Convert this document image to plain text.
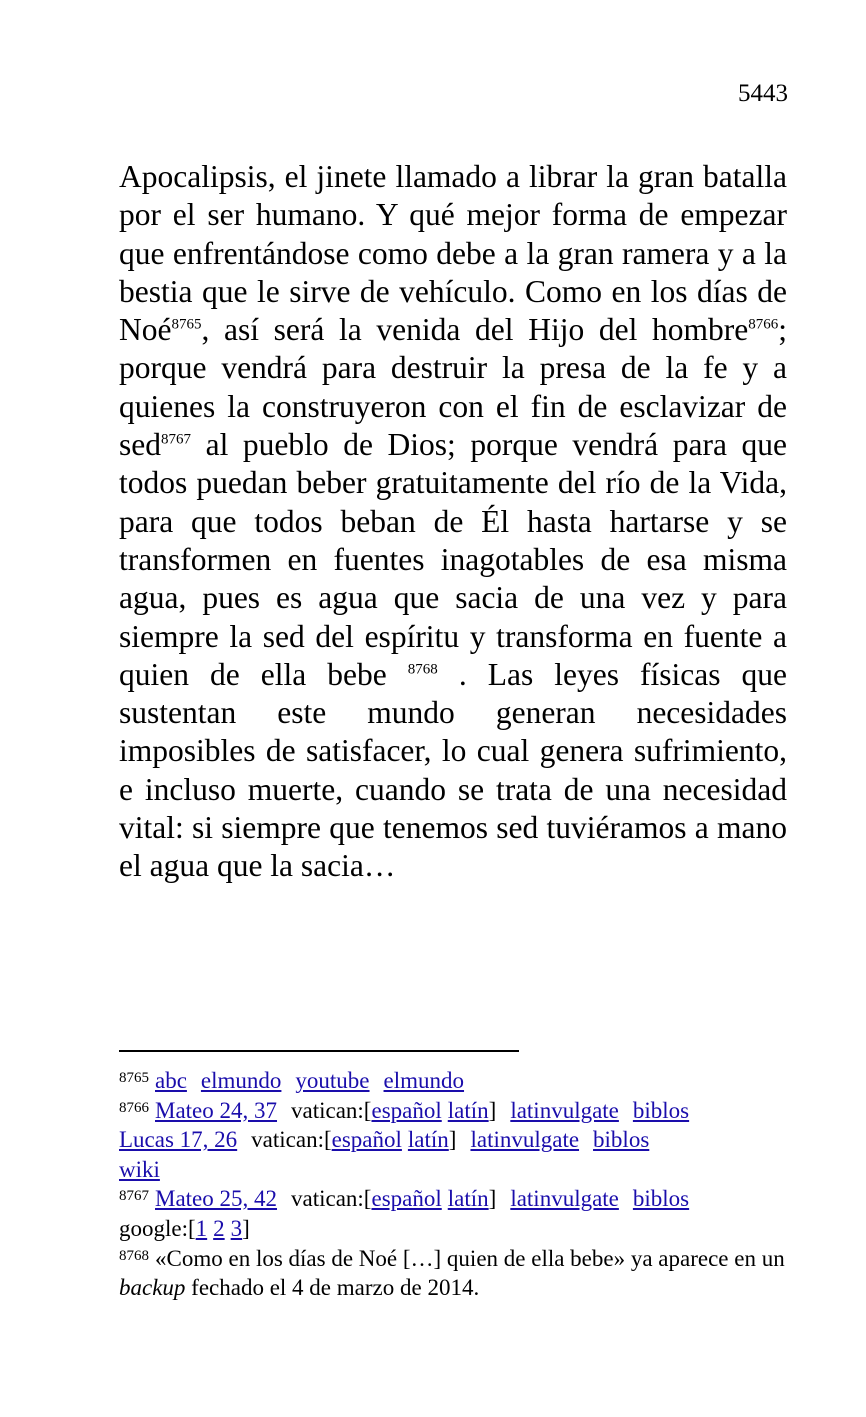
5443

Apocalipsis, el jinete llamado a librar la gran batalla por el ser humano. Y qué mejor forma de empezar que enfrentándose como debe a la gran ramera y a la bestia que le sirve de vehículo. Como en los días de Noé$^{8765}$, así será la venida del Hijo del hombre$^{8766}$; porque vendrá para destruir la presa de la fe y a quienes la construyeron con el fin de esclavizar de sed$^{8767}$ al pueblo de Dios; porque vendrá para que todos puedan beber gratuitamente del río de la Vida, para que todos beban de Él hasta hartarse y se transformen en fuentes inagotables de esa misma agua, pues es agua que sacia de una vez y para siempre la sed del espíritu y transforma en fuente a quien de ella bebe $^{8768}$ . Las leyes físicas que sustentan este mundo generan necesidades imposibles de satisfacer, lo cual genera sufrimiento, e incluso muerte, cuando se trata de una necesidad vital: si siempre que tenemos sed tuviéramos a mano el agua que la sacia…

$^{8765}$ abc elmundo youtube elmundo

$^{8766}$ Mateo 24, 37 vatican:[español latín] latinvulgate biblos
Lucas 17, 26 vatican:[español latín] latinvulgate biblos
wiki

$^{8767}$ Mateo 25, 42 vatican:[español latín] latinvulgate biblos
google:[1 2 3]

$^{8768}$ «Como en los días de Noé […] quien de ella bebe» ya aparece en un backup fechado el 4 de marzo de 2014.
